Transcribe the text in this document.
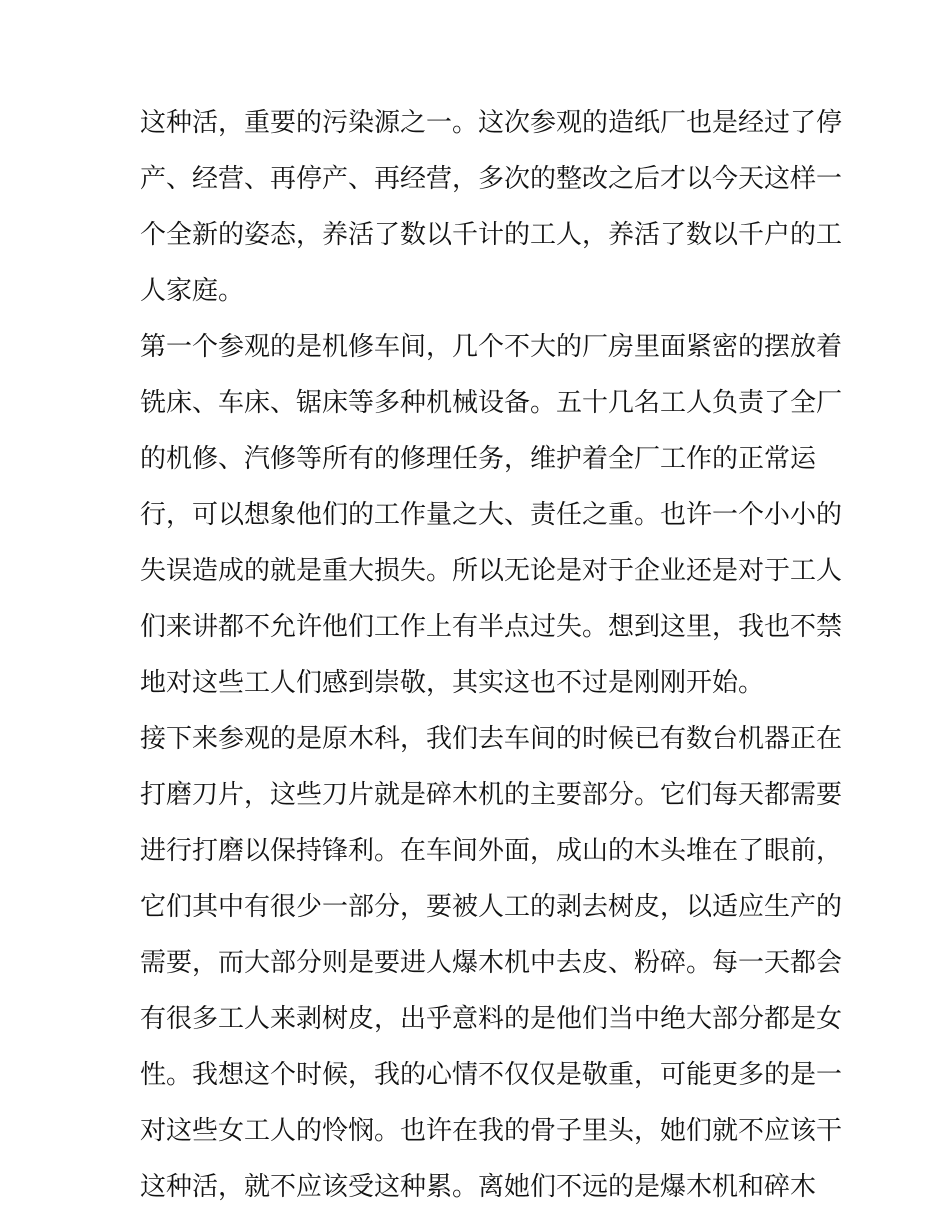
这种活，重要的污染源之一。这次参观的造纸厂也是经过了停
产、经营、再停产、再经营，多次的整改之后才以今天这样一
个全新的姿态，养活了数以千计的工人，养活了数以千户的工
人家庭。
第一个参观的是机修车间，几个不大的厂房里面紧密的摆放着
铣床、车床、锯床等多种机械设备。五十几名工人负责了全厂
的机修、汽修等所有的修理任务，维护着全厂工作的正常运
行，可以想象他们的工作量之大、责任之重。也许一个小小的
失误造成的就是重大损失。所以无论是对于企业还是对于工人
们来讲都不允许他们工作上有半点过失。想到这里，我也不禁
地对这些工人们感到崇敬，其实这也不过是刚刚开始。
接下来参观的是原木科，我们去车间的时候已有数台机器正在
打磨刀片，这些刀片就是碎木机的主要部分。它们每天都需要
进行打磨以保持锋利。在车间外面，成山的木头堆在了眼前，
它们其中有很少一部分，要被人工的剥去树皮，以适应生产的
需要，而大部分则是要进人爆木机中去皮、粉碎。每一天都会
有很多工人来剥树皮，出乎意料的是他们当中绝大部分都是女
性。我想这个时候，我的心情不仅仅是敬重，可能更多的是一
对这些女工人的怜悯。也许在我的骨子里头，她们就不应该干
这种活，就不应该受这种累。离她们不远的是爆木机和碎木
